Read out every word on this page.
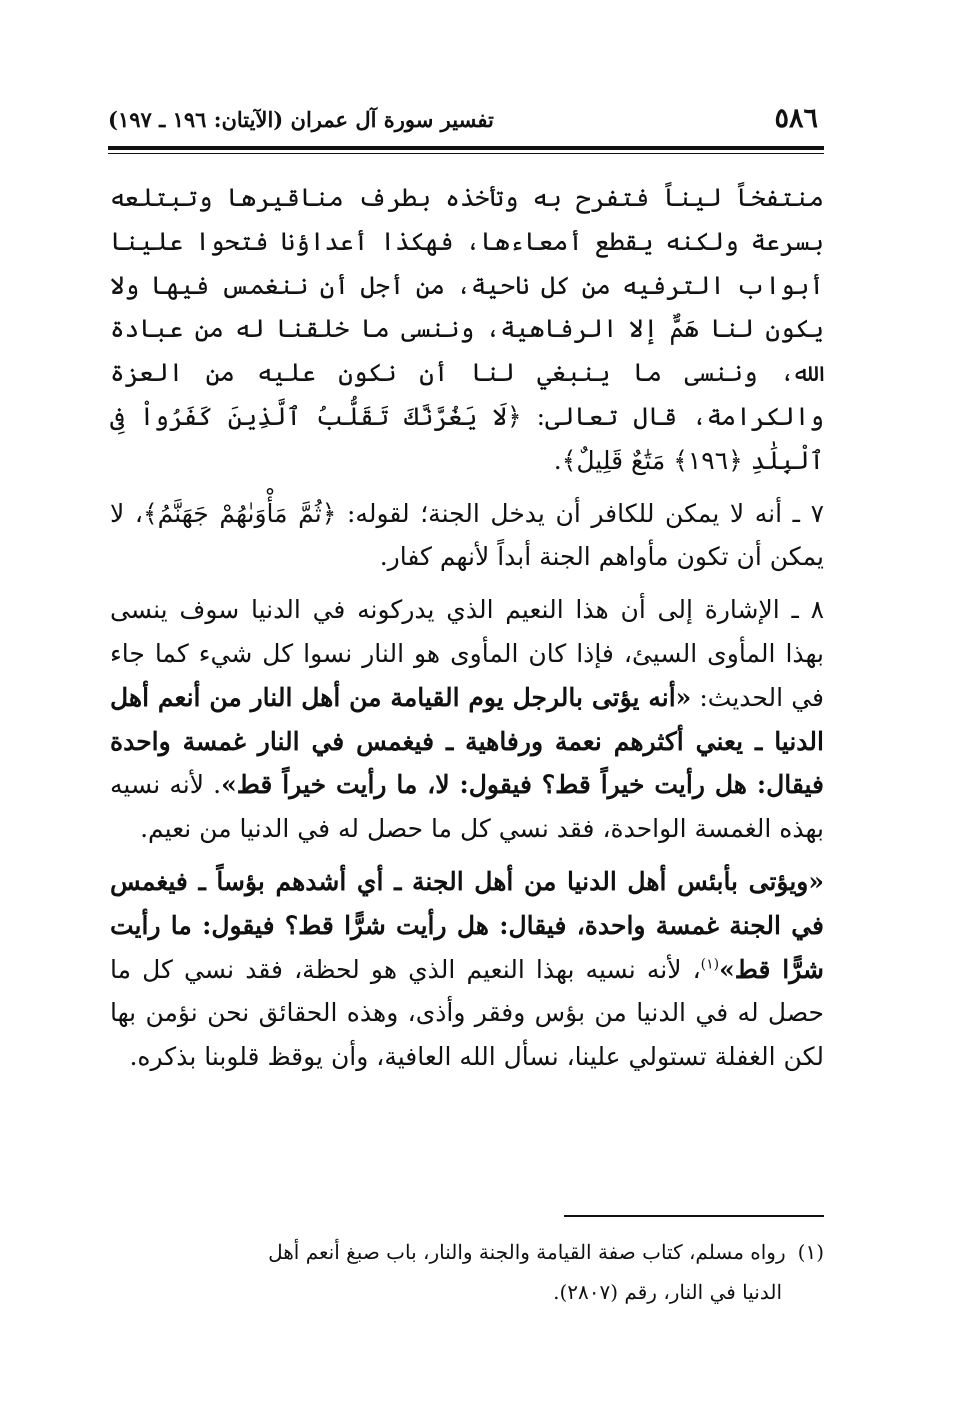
٥٨٦
تفسير سورة آل عمران (الآيتان: ١٩٦ ـ ١٩٧)

منتفخاً ليناً فتفرح به وتأخذه بطرف مناقيرها وتبتلعه بسرعة ولكنه يقطع أمعاءها، فهكذا أعداؤنا فتحوا علينا أبواب الترفيه من كل ناحية، من أجل أن ننغمس فيها ولا يكون لنا هَمٌّ إلا الرفاهية، وننسى ما خلقنا له من عبادة الله، وننسى ما ينبغي لنا أن نكون عليه من العزة والكرامة، قال تعالى: ﴿لَا يَغُرَّنَّكَ تَقَلُّبُ ٱلَّذِينَ كَفَرُواْ فِى ٱلْبِلَٰدِ ﴿١٩٦﴾ مَتَٰعٌ قَلِيلٌ﴾.

٧ ـ أنه لا يمكن للكافر أن يدخل الجنة؛ لقوله: ﴿ثُمَّ مَأْوَىٰهُمْ جَهَنَّمُ﴾، لا يمكن أن تكون مأواهم الجنة أبداً لأنهم كفار.

٨ ـ الإشارة إلى أن هذا النعيم الذي يدركونه في الدنيا سوف ينسى بهذا المأوى السيئ، فإذا كان المأوى هو النار نسوا كل شيء كما جاء في الحديث: «أنه يؤتى بالرجل يوم القيامة من أهل النار من أنعم أهل الدنيا ـ يعني أكثرهم نعمة ورفاهية ـ فيغمس في النار غمسة واحدة فيقال: هل رأيت خيراً قط؟ فيقول: لا، ما رأيت خيراً قط». لأنه نسيه بهذه الغمسة الواحدة، فقد نسي كل ما حصل له في الدنيا من نعيم.

«ويؤتى بأبئس أهل الدنيا من أهل الجنة ـ أي أشدهم بؤساً ـ فيغمس في الجنة غمسة واحدة، فيقال: هل رأيت شرًّا قط؟ فيقول: ما رأيت شرًّا قط»$^{(١)}$، لأنه نسيه بهذا النعيم الذي هو لحظة، فقد نسي كل ما حصل له في الدنيا من بؤس وفقر وأذى، وهذه الحقائق نحن نؤمن بها لكن الغفلة تستولي علينا، نسأل الله العافية، وأن يوقظ قلوبنا بذكره.

(١)رواه مسلم، كتاب صفة القيامة والجنة والنار، باب صبغ أنعم أهل
الدنيا في النار، رقم (٢٨٠٧).
